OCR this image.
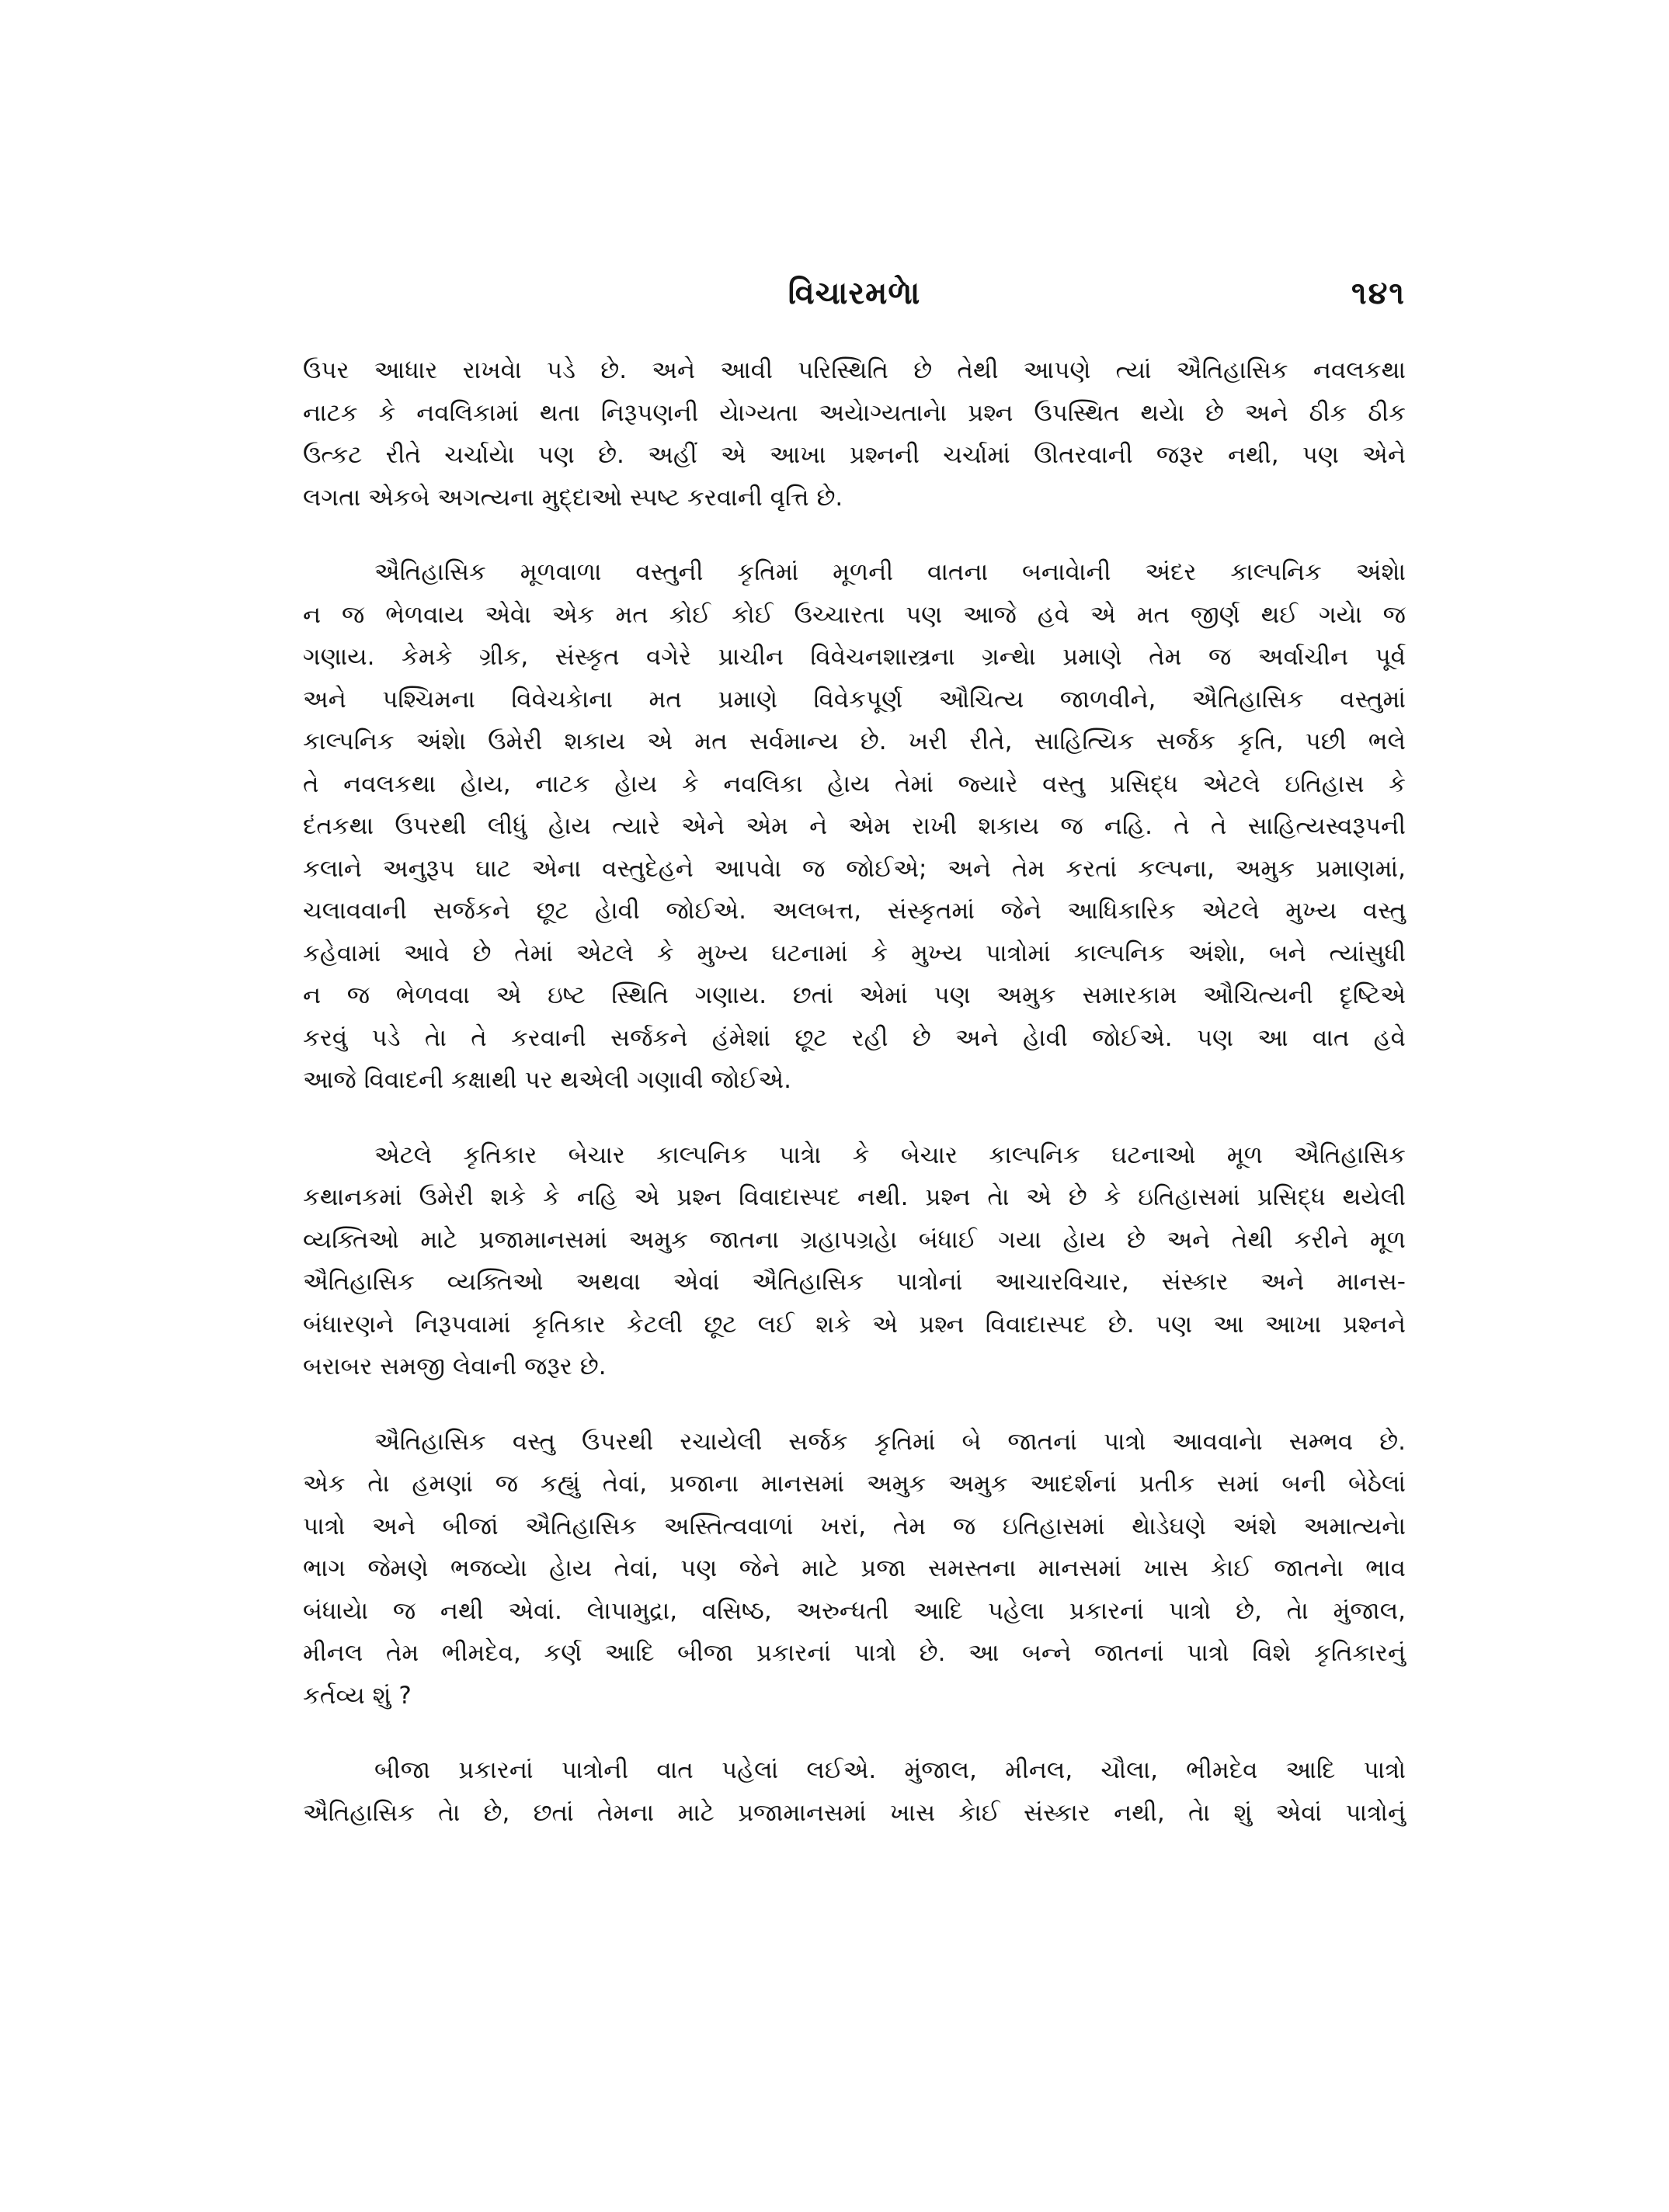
વિચારમળેા	૧૪૧

ઉપર આધાર રાખવેા પડે છે. અને આવી પરિસ્થિતિ છે તેથી આપણે ત્યાં ઐતિહાસિક નવલકથા
નાટક કે નવલિકામાં થતા નિરૂપણની યેાગ્યતા અયેાગ્યતાનેા પ્રશ્ન ઉપસ્થિત થયેા છે અને ઠીક ઠીક
ઉત્કટ રીતે ચર્ચાયેા પણ છે. અહીં એ આખા પ્રશ્નની ચર્ચામાં ઊતરવાની જરૂર નથી, પણ એને
લગતા એકબે અગત્યના મુદ્દાઓ સ્પષ્ટ કરવાની વૃત્તિ છે.

ઐતિહાસિક મૂળવાળા વસ્તુની કૃતિમાં મૂળની વાતના બનાવેાની અંદર કાલ્પનિક અંશેા
ન જ ભેળવાય એવેા એક મત કોઈ કોઈ ઉચ્ચારતા પણ આજે હવે એ મત જીર્ણ થઈ ગયેા જ
ગણાય. કેમકે ગ્રીક, સંસ્કૃત વગેરે પ્રાચીન વિવેચનશાસ્ત્રના ગ્રન્થેા પ્રમાણે તેમ જ અર્વાચીન પૂર્વ
અને પશ્ચિમના વિવેચકેાના મત પ્રમાણે વિવેકપૂર્ણ ઔચિત્ય જાળવીને, ઐતિહાસિક વસ્તુમાં
કાલ્પનિક અંશેા ઉમેરી શકાય એ મત સર્વમાન્ય છે. ખરી રીતે, સાહિત્યિક સર્જક કૃતિ, પછી ભલે
તે નવલકથા હેાય, નાટક હેાય કે નવલિકા હેાય તેમાં જ્યારે વસ્તુ પ્રસિદ્ધ એટલે ઇતિહાસ કે
દંતકથા ઉપરથી લીધું હેાય ત્યારે એને એમ ને એમ રાખી શકાય જ નહિ. તે તે સાહિત્યસ્વરૂપની
કલાને અનુરૂપ ઘાટ એના વસ્તુદેહને આપવેા જ જોઈએ; અને તેમ કરતાં કલ્પના, અમુક પ્રમાણમાં,
ચલાવવાની સર્જકને છૂટ હેાવી જોઈએ. અલબત્ત, સંસ્કૃતમાં જેને આધિકારિક એટલે મુખ્ય વસ્તુ
કહેવામાં આવે છે તેમાં એટલે કે મુખ્ય ઘટનામાં કે મુખ્ય પાત્રોમાં કાલ્પનિક અંશેા, બને ત્યાંસુધી
ન જ ભેળવવા એ ઇષ્ટ સ્થિતિ ગણાય. છતાં એમાં પણ અમુક સમારકામ ઔચિત્યની દૃષ્ટિએ
કરવું પડે તેા તે કરવાની સર્જકને હંમેશાં છૂટ રહી છે અને હેાવી જોઈએ. પણ આ વાત હવે
આજે વિવાદની કક્ષાથી પર થએલી ગણાવી જોઈએ.

એટલે કૃતિકાર બેચાર કાલ્પનિક પાત્રેા કે બેચાર કાલ્પનિક ઘટનાઓ મૂળ ઐતિહાસિક
કથાનકમાં ઉમેરી શકે કે નહિ એ પ્રશ્ન વિવાદાસ્પદ નથી. પ્રશ્ન તેા એ છે કે ઇતિહાસમાં પ્રસિદ્ધ થયેલી
વ્યક્તિઓ માટે પ્રજામાનસમાં અમુક જાતના ગ્રહાપગ્રહેા બંધાઈ ગયા હેાય છે અને તેથી કરીને મૂળ
ઐતિહાસિક વ્યક્તિઓ અથવા એવાં ઐતિહાસિક પાત્રોનાં આચારવિચાર, સંસ્કાર અને માનસ-
બંધારણને નિરૂપવામાં કૃતિકાર કેટલી છૂટ લઈ શકે એ પ્રશ્ન વિવાદાસ્પદ છે. પણ આ આખા પ્રશ્નને
બરાબર સમજી લેવાની જરૂર છે.

ઐતિહાસિક વસ્તુ ઉપરથી રચાયેલી સર્જક કૃતિમાં બે જાતનાં પાત્રો આવવાનેા સમ્ભવ છે.
એક તેા હમણાં જ કહ્યું તેવાં, પ્રજાના માનસમાં અમુક અમુક આદર્શનાં પ્રતીક સમાં બની બેઠેલાં
પાત્રો અને બીજાં ઐતિહાસિક અસ્તિત્વવાળાં ખરાં, તેમ જ ઇતિહાસમાં થેાડેઘણે અંશે અમાત્યનેા
ભાગ જેમણે ભજવ્યેા હેાય તેવાં, પણ જેને માટે પ્રજા સમસ્તના માનસમાં ખાસ કેાઈ જાતનેા ભાવ
બંધાયેા જ નથી એવાં. લેાપામુદ્રા, વસિષ્ઠ, અરુન્ધતી આદિ પહેલા પ્રકારનાં પાત્રો છે, તેા મુંજાલ,
મીનલ તેમ ભીમદેવ, કર્ણ આદિ બીજા પ્રકારનાં પાત્રો છે. આ બન્ને જાતનાં પાત્રો વિશે કૃતિકારનું
કર્તવ્ય શું ?

બીજા પ્રકારનાં પાત્રોની વાત પહેલાં લઈએ. મુંજાલ, મીનલ, ચૌલા, ભીમદેવ આદિ પાત્રો
ઐતિહાસિક તેા છે, છતાં તેમના માટે પ્રજામાનસમાં ખાસ કેાઈ સંસ્કાર નથી, તેા શું એવાં પાત્રોનું
